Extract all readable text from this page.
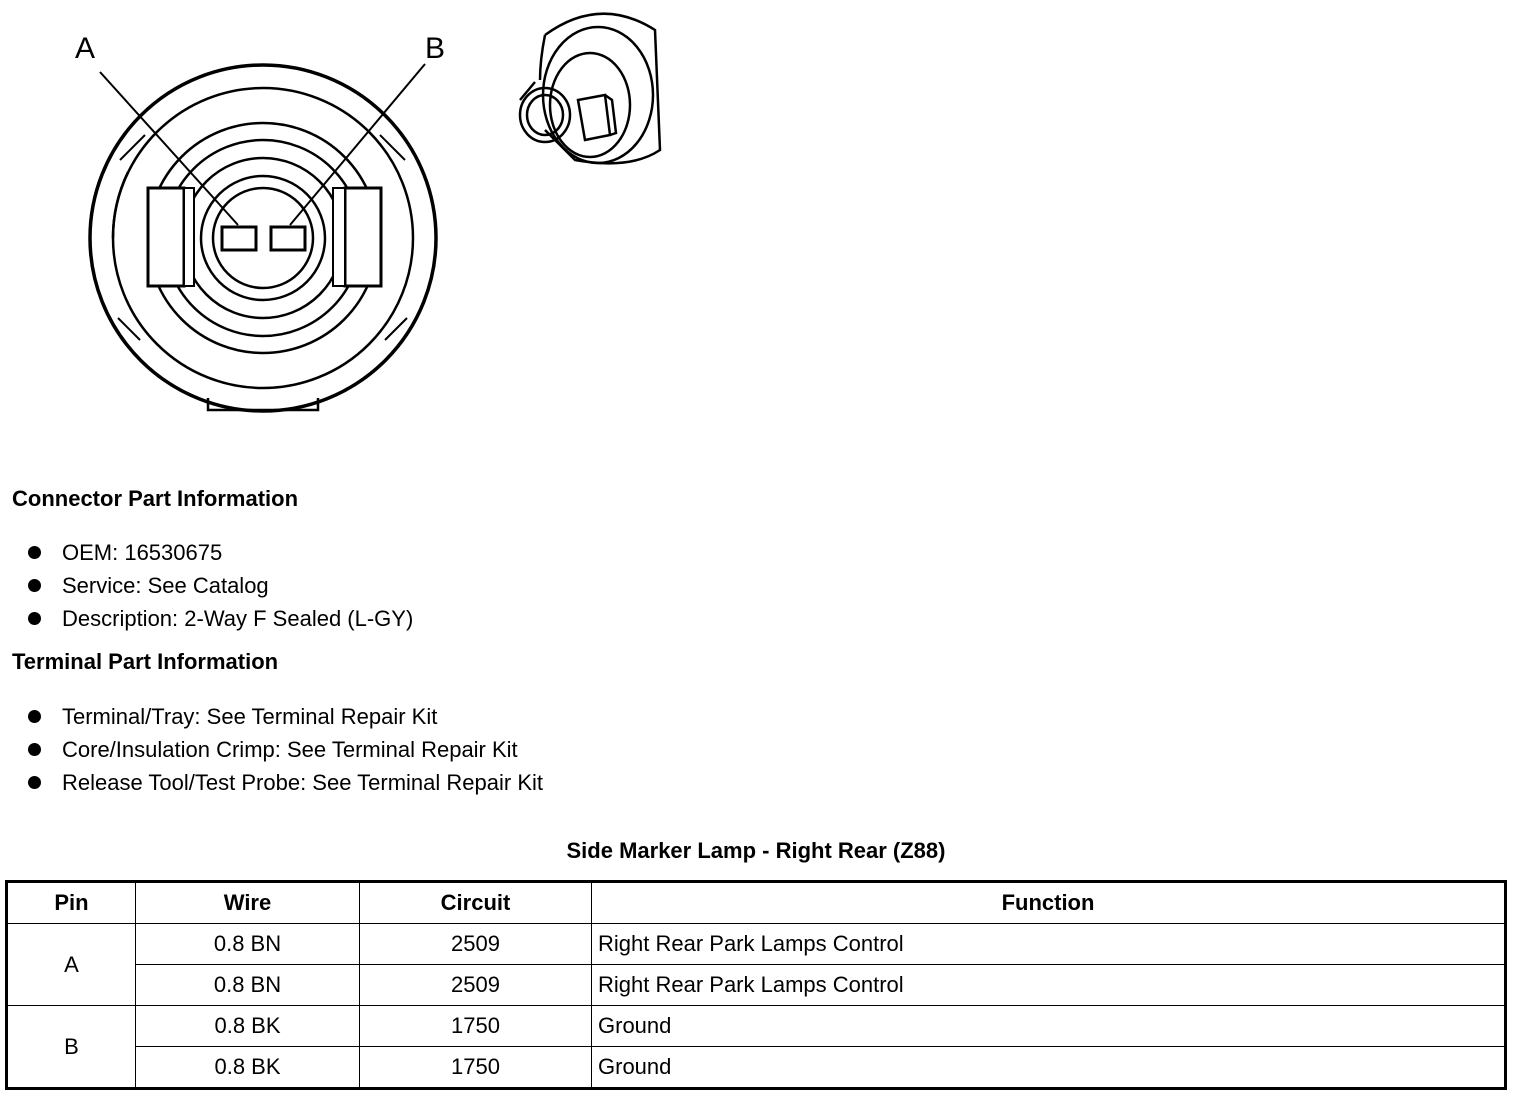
A	B
Connector Part Information
OEM: 16530675
Service: See Catalog
Description: 2-Way F Sealed (L-GY)
Terminal Part Information
Terminal/Tray: See Terminal Repair Kit
Core/Insulation Crimp: See Terminal Repair Kit
Release Tool/Test Probe: See Terminal Repair Kit
Side Marker Lamp - Right Rear (Z88)
Pin	Wire	Circuit	Function
A	0.8 BN	2509	Right Rear Park Lamps Control
	0.8 BN	2509	Right Rear Park Lamps Control
B	0.8 BK	1750	Ground
	0.8 BK	1750	Ground
